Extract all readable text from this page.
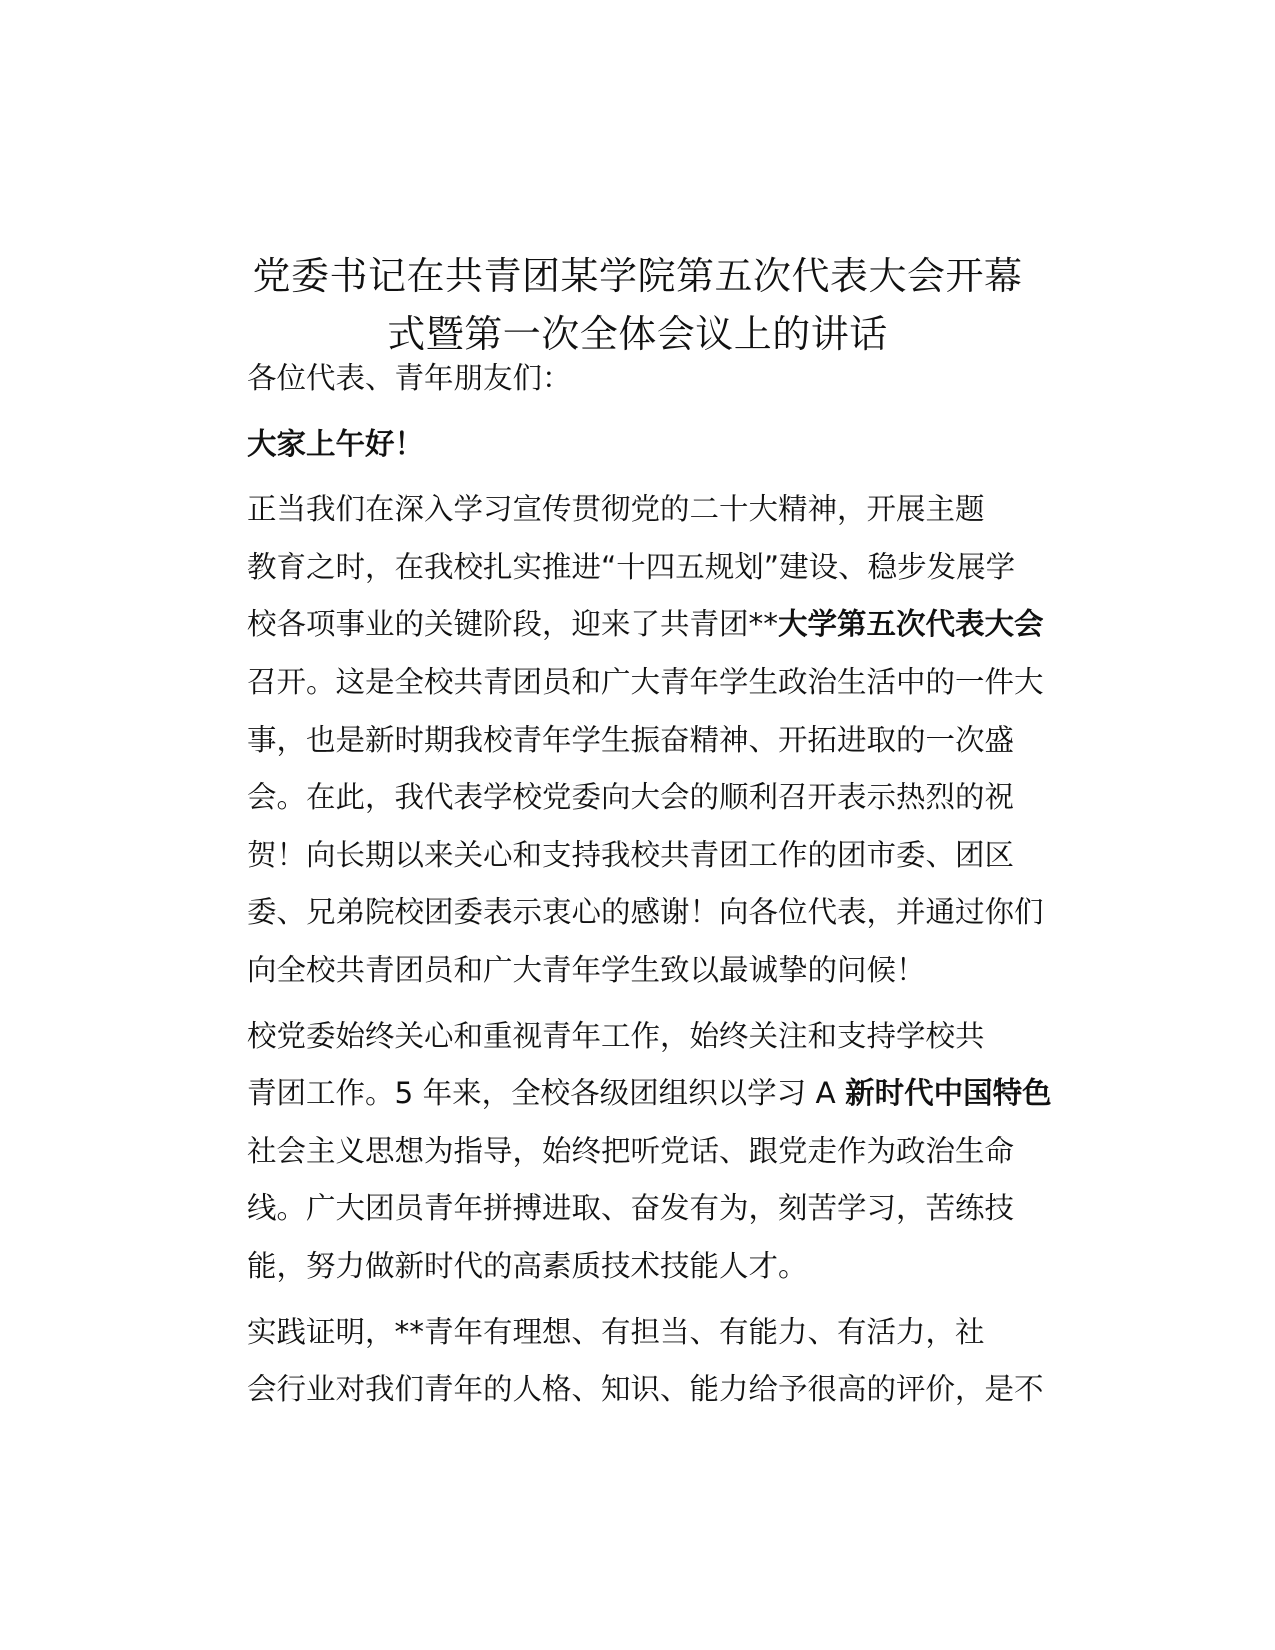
党委书记在共青团某学院第五次代表大会开幕
式暨第一次全体会议上的讲话

各位代表、青年朋友们：

大家上午好！

正当我们在深入学习宣传贯彻党的二十大精神，开展主题
教育之时，在我校扎实推进“十四五规划”建设、稳步发展学
校各项事业的关键阶段，迎来了共青团**大学第五次代表大会
召开。这是全校共青团员和广大青年学生政治生活中的一件大
事，也是新时期我校青年学生振奋精神、开拓进取的一次盛
会。在此，我代表学校党委向大会的顺利召开表示热烈的祝
贺！向长期以来关心和支持我校共青团工作的团市委、团区
委、兄弟院校团委表示衷心的感谢！向各位代表，并通过你们
向全校共青团员和广大青年学生致以最诚挚的问候！

校党委始终关心和重视青年工作，始终关注和支持学校共
青团工作。5 年来，全校各级团组织以学习 A 新时代中国特色
社会主义思想为指导，始终把听党话、跟党走作为政治生命
线。广大团员青年拼搏进取、奋发有为，刻苦学习，苦练技
能，努力做新时代的高素质技术技能人才。

实践证明，**青年有理想、有担当、有能力、有活力，社
会行业对我们青年的人格、知识、能力给予很高的评价，是不
